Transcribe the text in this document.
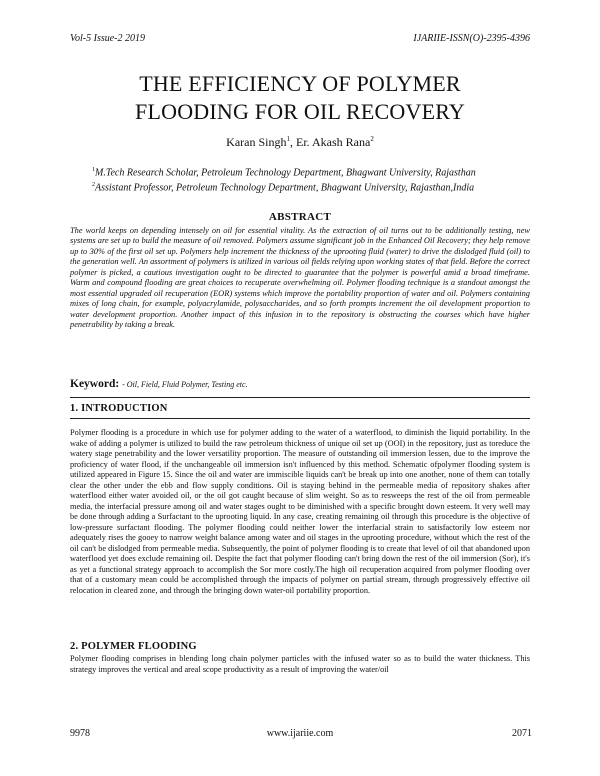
Vol-5 Issue-2 2019	IJARIIE-ISSN(O)-2395-4396
THE EFFICIENCY OF POLYMER
FLOODING FOR OIL RECOVERY
Karan Singh$^1$, Er. Akash Rana$^2$
$^1$M.Tech Research Scholar, Petroleum Technology Department, Bhagwant University, Rajasthan
$^2$Assistant Professor, Petroleum Technology Department, Bhagwant University, Rajasthan,India
ABSTRACT
The world keeps on depending intensely on oil for essential vitality. As the extraction of oil turns out to be additionally testing, new systems are set up to build the measure of oil removed. Polymers assume significant job in the Enhanced Oil Recovery; they help remove up to 30% of the first oil set up. Polymers help increment the thickness of the uprooting fluid (water) to drive the dislodged fluid (oil) to the generation well. An assortment of polymers is utilized in various oil fields relying upon working states of that field. Before the correct polymer is picked, a cautious investigation ought to be directed to guarantee that the polymer is powerful amid a broad timeframe. Warm and compound flooding are great choices to recuperate overwhelming oil. Polymer flooding technique is a standout amongst the most essential upgraded oil recuperation (EOR) systems which improve the portability proportion of water and oil. Polymers containing mixes of long chain, for example, polyacrylamide, polysaccharides, and so forth prompts increment the oil development proportion to water development proportion. Another impact of this infusion in to the repository is obstructing the courses which have higher penetrability by taking a break.
Keyword: - Oil, Field, Fluid Polymer, Testing etc.
1. INTRODUCTION
Polymer flooding is a procedure in which use for polymer adding to the water of a waterflood, to diminish the liquid portability. In the wake of adding a polymer is utilized to build the raw petroleum thickness of unique oil set up (OOI) in the repository, just as toreduce the watery stage penetrability and the lower versatility proportion. The measure of outstanding oil immersion lessen, due to the improve the proficiency of water flood, if the unchangeable oil immersion isn't influenced by this method. Schematic ofpolymer flooding system is utilized appeared in Figure 15. Since the oil and water are immiscible liquids can't be break up into one another, none of them can totally clear the other under the ebb and flow supply conditions. Oil is staying behind in the permeable media of repository shakes after waterflood either water avoided oil, or the oil got caught because of slim weight. So as to resweeps the rest of the oil from permeable media, the interfacial pressure among oil and water stages ought to be diminished with a specific brought down esteem. It very well may be done through adding a Surfactant to the uprooting liquid. In any case, creating remaining oil through this procedure is the objective of low-pressure surfactant flooding. The polymer flooding could neither lower the interfacial strain to satisfactorily low esteem nor adequately rises the gooey to narrow weight balance among water and oil stages in the uprooting procedure, without which the rest of the oil can't be dislodged from permeable media. Subsequently, the point of polymer flooding is to create that level of oil that abandoned upon waterflood yet does exclude remaining oil. Despite the fact that polymer flooding can't bring down the rest of the oil immersion (Sor), it's as yet a functional strategy approach to accomplish the Sor more costly.The high oil recuperation acquired from polymer flooding over that of a customary mean could be accomplished through the impacts of polymer on partial stream, through progressively effective oil relocation in cleared zone, and through the bringing down water-oil portability proportion.
2. POLYMER FLOODING
Polymer flooding comprises in blending long chain polymer particles with the infused water so as to build the water thickness. This strategy improves the vertical and areal scope productivity as a result of improving the water/oil
9978	www.ijariie.com	2071
